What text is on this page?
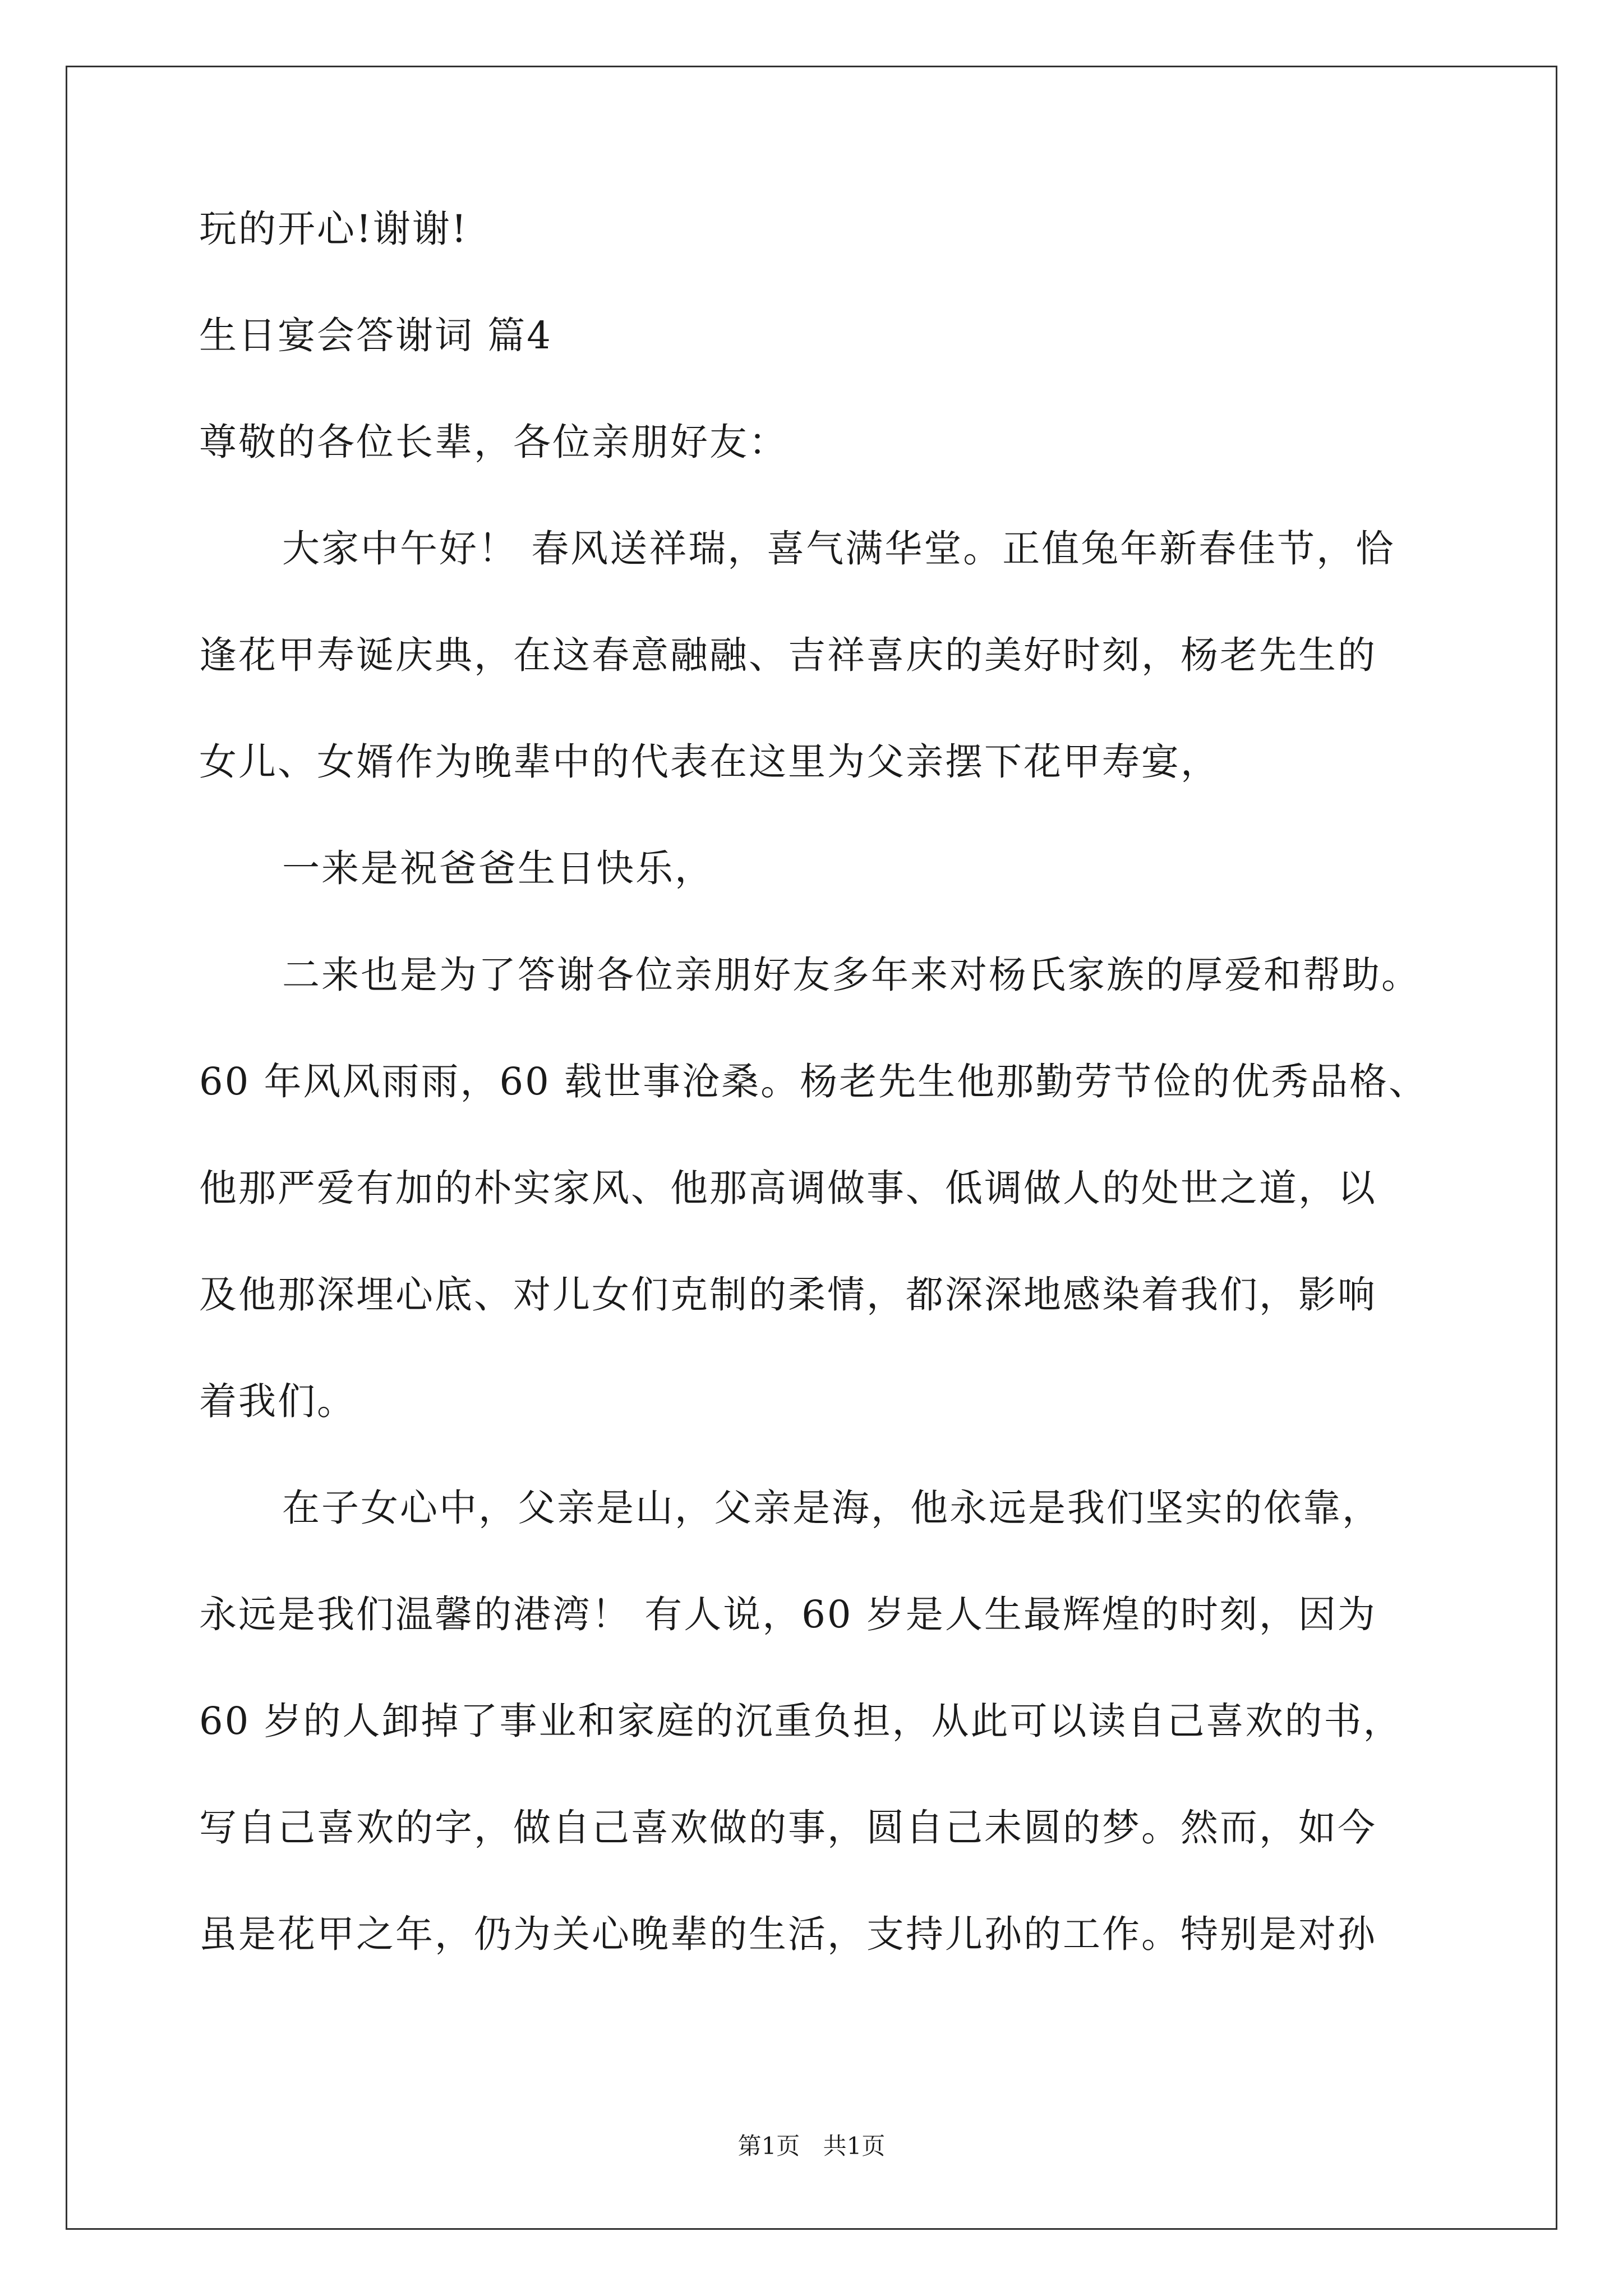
玩的开心!谢谢!

生日宴会答谢词 篇4

尊敬的各位长辈，各位亲朋好友：

大家中午好！ 春风送祥瑞，喜气满华堂。正值兔年新春佳节，恰

逢花甲寿诞庆典，在这春意融融、吉祥喜庆的美好时刻，杨老先生的

女儿、女婿作为晚辈中的代表在这里为父亲摆下花甲寿宴，

一来是祝爸爸生日快乐，

二来也是为了答谢各位亲朋好友多年来对杨氏家族的厚爱和帮助。

60 年风风雨雨，60 载世事沧桑。杨老先生他那勤劳节俭的优秀品格、

他那严爱有加的朴实家风、他那高调做事、低调做人的处世之道，以

及他那深埋心底、对儿女们克制的柔情，都深深地感染着我们，影响

着我们。

在子女心中，父亲是山，父亲是海，他永远是我们坚实的依靠，

永远是我们温馨的港湾！ 有人说，60 岁是人生最辉煌的时刻，因为

60 岁的人卸掉了事业和家庭的沉重负担，从此可以读自己喜欢的书，

写自己喜欢的字，做自己喜欢做的事，圆自己未圆的梦。然而，如今

虽是花甲之年，仍为关心晚辈的生活，支持儿孙的工作。特别是对孙

第1页 共1页
